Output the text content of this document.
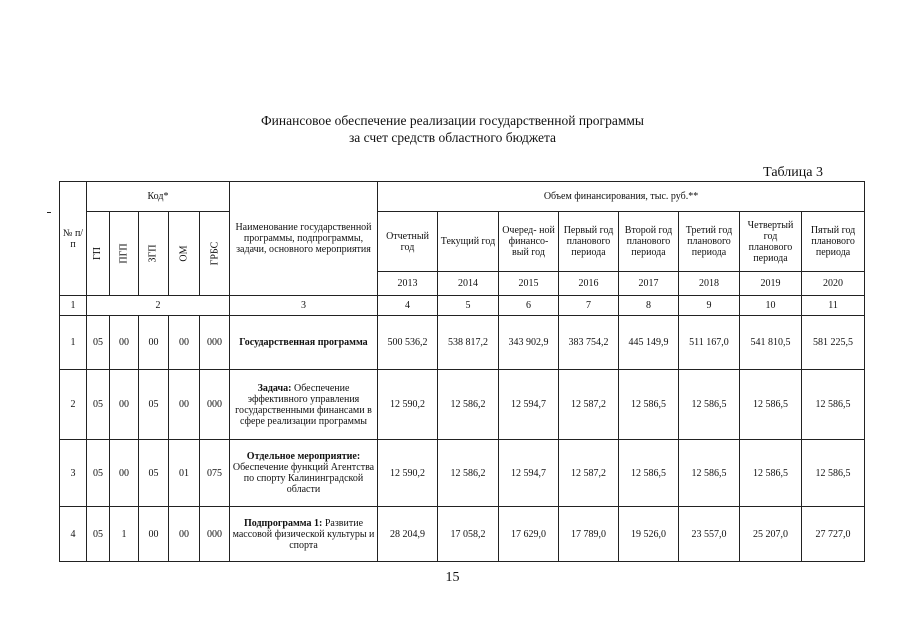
Финансовое обеспечение реализации государственной программы
за счет средств областного бюджета
Таблица 3
№ п/п	Код*					Наименование государственной программы, подпрограммы, задачи, основного мероприятия	Объем финансирования, тыс. руб.**							
	ГП	ПГП	ЗГП	ОМ	ГРБС		Отчетный год	Текущий год	Очеред- ной финансо- вый год	Первый год планового периода	Второй год планового периода	Третий год планового периода	Четвертый год планового периода	Пятый год планового периода
							2013	2014	2015	2016	2017	2018	2019	2020
1	2					3	4	5	6	7	8	9	10	11
1	05	00	00	00	000	Государственная программа	500 536,2	538 817,2	343 902,9	383 754,2	445 149,9	511 167,0	541 810,5	581 225,5
2	05	00	05	00	000	Задача: Обеспечение эффективного управления государственными финансами в сфере реализации программы	12 590,2	12 586,2	12 594,7	12 587,2	12 586,5	12 586,5	12 586,5	12 586,5
3	05	00	05	01	075	Отдельное мероприятие: Обеспечение функций Агентства по спорту Калининградской области	12 590,2	12 586,2	12 594,7	12 587,2	12 586,5	12 586,5	12 586,5	12 586,5
4	05	1	00	00	000	Подпрограмма 1: Развитие массовой физической культуры и спорта	28 204,9	17 058,2	17 629,0	17 789,0	19 526,0	23 557,0	25 207,0	27 727,0
15
